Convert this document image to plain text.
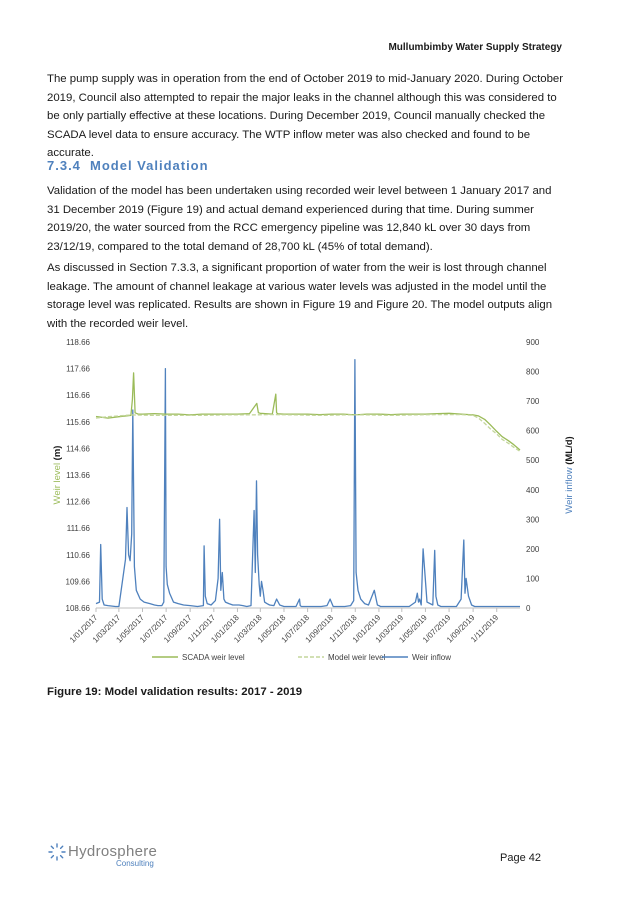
Mullumbimby Water Supply Strategy

The pump supply was in operation from the end of October 2019 to mid-January 2020. During October 2019, Council also attempted to repair the major leaks in the channel although this was considered to be only partially effective at these locations. During December 2019, Council manually checked the SCADA level data to ensure accuracy. The WTP inflow meter was also checked and found to be accurate.

7.3.4 Model Validation

Validation of the model has been undertaken using recorded weir level between 1 January 2017 and 31 December 2019 (Figure 19) and actual demand experienced during that time. During summer 2019/20, the water sourced from the RCC emergency pipeline was 12,840 kL over 30 days from 23/12/19, compared to the total demand of 28,700 kL (45% of total demand).

As discussed in Section 7.3.3, a significant proportion of water from the weir is lost through channel leakage. The amount of channel leakage at various water levels was adjusted in the model until the storage level was replicated. Results are shown in Figure 19 and Figure 20. The model outputs align with the recorded weir level.

108.66
109.66
110.66
111.66
112.66
113.66
114.66
115.66
116.66
117.66
118.66
0
100
200
300
400
500
600
700
800
900
1/01/2017
1/03/2017
1/05/2017
1/07/2017
1/09/2017
1/11/2017
1/01/2018
1/03/2018
1/05/2018
1/07/2018
1/09/2018
1/11/2018
1/01/2019
1/03/2019
1/05/2019
1/07/2019
1/09/2019
1/11/2019
Weir level (m)
Weir inflow (ML/d)
SCADA weir level	Model weir level	Weir inflow
Figure 19: Model validation results: 2017 - 2019
Hydrosphere
Consulting	Page 42
